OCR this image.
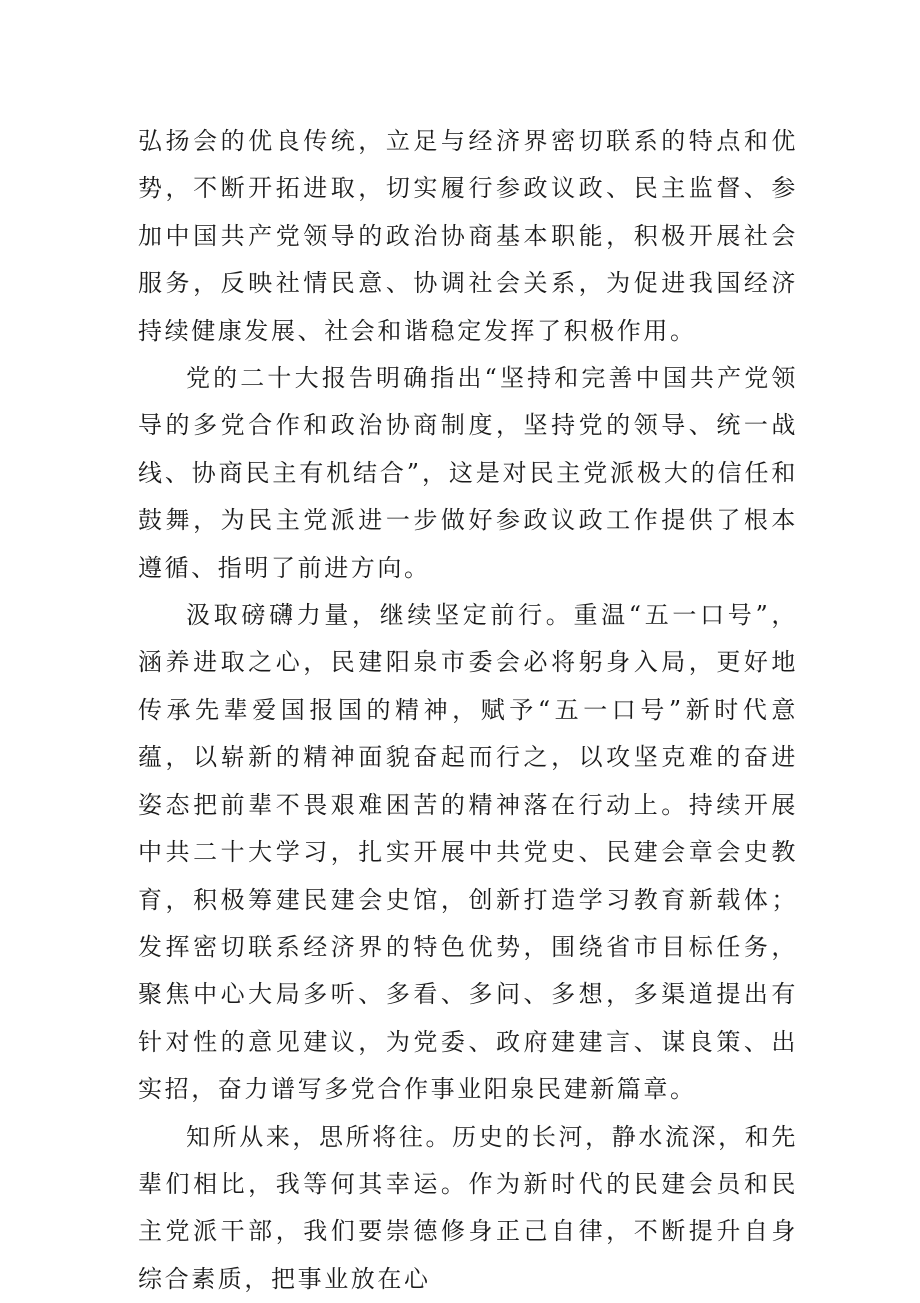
弘扬会的优良传统，立足与经济界密切联系的特点和优势，不断开拓进取，切实履行参政议政、民主监督、参加中国共产党领导的政治协商基本职能，积极开展社会服务，反映社情民意、协调社会关系，为促进我国经济持续健康发展、社会和谐稳定发挥了积极作用。

党的二十大报告明确指出“坚持和完善中国共产党领导的多党合作和政治协商制度，坚持党的领导、统一战线、协商民主有机结合”，这是对民主党派极大的信任和鼓舞，为民主党派进一步做好参政议政工作提供了根本遵循、指明了前进方向。

汲取磅礴力量，继续坚定前行。重温“五一口号”，涵养进取之心，民建阳泉市委会必将躬身入局，更好地传承先辈爱国报国的精神，赋予“五一口号”新时代意蕴，以崭新的精神面貌奋起而行之，以攻坚克难的奋进姿态把前辈不畏艰难困苦的精神落在行动上。持续开展中共二十大学习，扎实开展中共党史、民建会章会史教育，积极筹建民建会史馆，创新打造学习教育新载体；发挥密切联系经济界的特色优势，围绕省市目标任务，聚焦中心大局多听、多看、多问、多想，多渠道提出有针对性的意见建议，为党委、政府建建言、谋良策、出实招，奋力谱写多党合作事业阳泉民建新篇章。

知所从来，思所将往。历史的长河，静水流深，和先辈们相比，我等何其幸运。作为新时代的民建会员和民主党派干部，我们要崇德修身正己自律，不断提升自身综合素质，把事业放在心
